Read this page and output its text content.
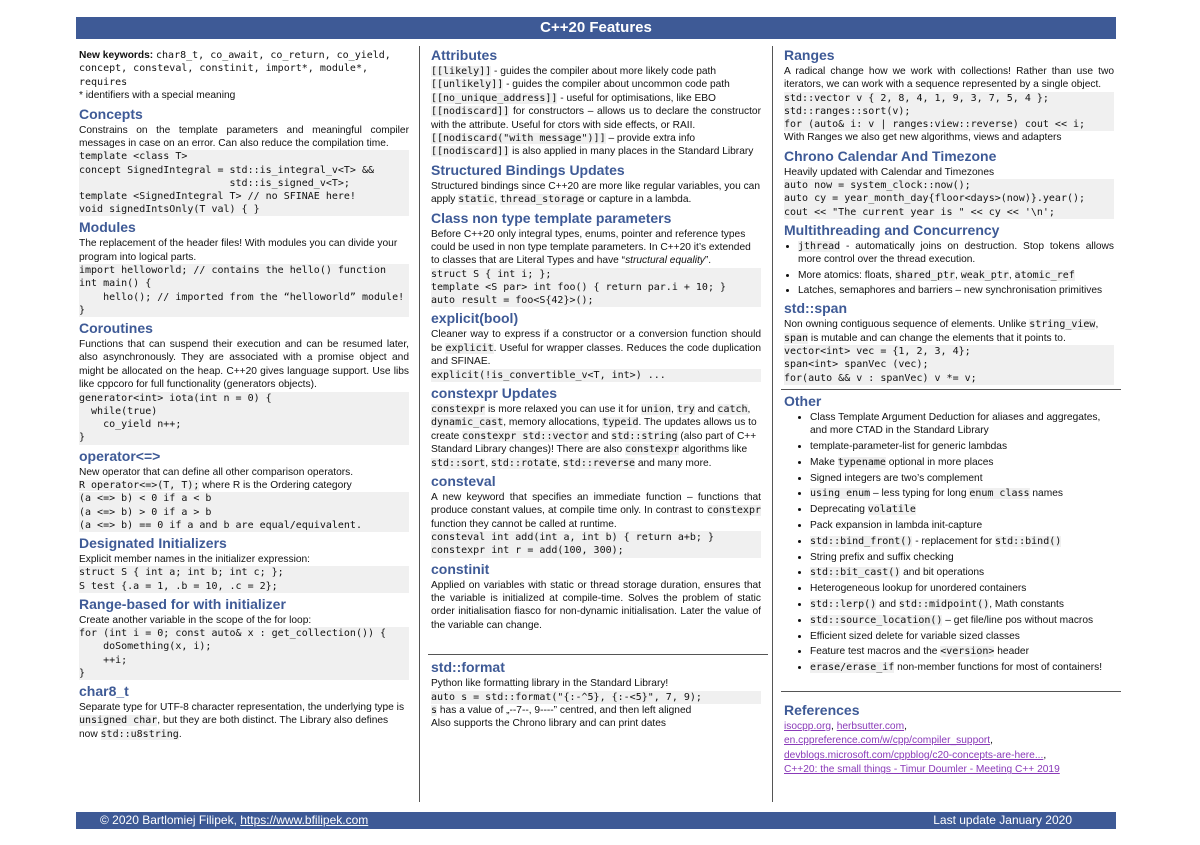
C++20 Features

New keywords: char8_t, co_await, co_return, co_yield, concept, consteval, constinit, import*, module*, requires

* identifiers with a special meaning

Concepts

Constrains on the template parameters and meaningful compiler messages in case on an error. Can also reduce the compilation time.

template <class T>
concept SignedIntegral = std::is_integral_v<T> &&
std::is_signed_v<T>;
template <SignedIntegral T> // no SFINAE here!
void signedIntsOnly(T val) { }
Modules

The replacement of the header files! With modules you can divide your program into logical parts.

import helloworld; // contains the hello() function
int main() {
hello(); // imported from the “helloworld” module!
}
Coroutines

Functions that can suspend their execution and can be resumed later, also asynchronously. They are associated with a promise object and might be allocated on the heap. C++20 gives language support. Use libs like cppcoro for full functionality (generators objects).

generator<int> iota(int n = 0) {
while(true)
co_yield n++;
}
operator<=>

New operator that can define all other comparison operators.

R operator<=>(T, T); where R is the Ordering category

(a <=> b) < 0 if a < b
(a <=> b) > 0 if a > b
(a <=> b) == 0 if a and b are equal/equivalent.
Designated Initializers

Explicit member names in the initializer expression:

struct S { int a; int b; int c; };
S test {.a = 1, .b = 10, .c = 2};
Range-based for with initializer

Create another variable in the scope of the for loop:

for (int i = 0; const auto& x : get_collection()) {
doSomething(x, i);
++i;
}
char8_t

Separate type for UTF-8 character representation, the underlying type is unsigned char, but they are both distinct. The Library also defines now std::u8string.

Attributes

[[likely]] - guides the compiler about more likely code path

[[unlikely]] - guides the compiler about uncommon code path

[[no_unique_address]] - useful for optimisations, like EBO

[[nodiscard]] for constructors – allows us to declare the constructor with the attribute. Useful for ctors with side effects, or RAII.

[[nodiscard("with message")]] – provide extra info

[[nodiscard]] is also applied in many places in the Standard Library

Structured Bindings Updates

Structured bindings since C++20 are more like regular variables, you can apply static, thread_storage or capture in a lambda.

Class non type template parameters

Before C++20 only integral types, enums, pointer and reference types could be used in non type template parameters. In C++20 it’s extended to classes that are Literal Types and have “structural equality”.

struct S { int i; };
template <S par> int foo() { return par.i + 10; }
auto result = foo<S{42}>();
explicit(bool)

Cleaner way to express if a constructor or a conversion function should be explicit. Useful for wrapper classes. Reduces the code duplication and SFINAE.

explicit(!is_convertible_v<T, int>) ...
constexpr Updates

constexpr is more relaxed you can use it for union, try and catch, dynamic_cast, memory allocations, typeid. The updates allows us to create constexpr std::vector and std::string (also part of C++ Standard Library changes)! There are also constexpr algorithms like std::sort, std::rotate, std::reverse and many more.

consteval

A new keyword that specifies an immediate function – functions that produce constant values, at compile time only. In contrast to constexpr function they cannot be called at runtime.

consteval int add(int a, int b) { return a+b; }
constexpr int r = add(100, 300);
constinit

Applied on variables with static or thread storage duration, ensures that the variable is initialized at compile-time. Solves the problem of static order initialisation fiasco for non-dynamic initialisation. Later the value of the variable can change.

std::format

Python like formatting library in the Standard Library!

auto s = std::format("{:-^5}, {:-<5}", 7, 9);

s has a value of „--7--, 9----” centred, and then left aligned

Also supports the Chrono library and can print dates

Ranges

A radical change how we work with collections! Rather than use two iterators, we can work with a sequence represented by a single object.

std::vector v { 2, 8, 4, 1, 9, 3, 7, 5, 4 };
std::ranges::sort(v);
for (auto& i: v | ranges:view::reverse) cout << i;

With Ranges we also get new algorithms, views and adapters

Chrono Calendar And Timezone

Heavily updated with Calendar and Timezones

auto now = system_clock::now();
auto cy = year_month_day{floor<days>(now)}.year();
cout << "The current year is " << cy << '\n';
Multithreading and Concurrency
• jthread - automatically joins on destruction. Stop tokens allows more control over the thread execution.
• More atomics: floats, shared_ptr, weak_ptr, atomic_ref
• Latches, semaphores and barriers – new synchronisation primitives
std::span

Non owning contiguous sequence of elements. Unlike string_view, span is mutable and can change the elements that it points to.

vector<int> vec = {1, 2, 3, 4};
span<int> spanVec (vec);
for(auto && v : spanVec) v *= v;
Other
• Class Template Argument Deduction for aliases and aggregates, and more CTAD in the Standard Library
• template-parameter-list for generic lambdas
• Make typename optional in more places
• Signed integers are two’s complement
• using enum – less typing for long enum class names
• Deprecating volatile
• Pack expansion in lambda init-capture
• std::bind_front() - replacement for std::bind()
• String prefix and suffix checking
• std::bit_cast() and bit operations
• Heterogeneous lookup for unordered containers
• std::lerp() and std::midpoint(), Math constants
• std::source_location() – get file/line pos without macros
• Efficient sized delete for variable sized classes
• Feature test macros and the <version> header
• erase/erase_if non-member functions for most of containers!
References

isocpp.org, herbsutter.com,

en.cppreference.com/w/cpp/compiler_support,

devblogs.microsoft.com/cppblog/c20-concepts-are-here...,

C++20: the small things - Timur Doumler - Meeting C++ 2019

© 2020 Bartlomiej Filipek, https://www.bfilipek.com	Last update January 2020
